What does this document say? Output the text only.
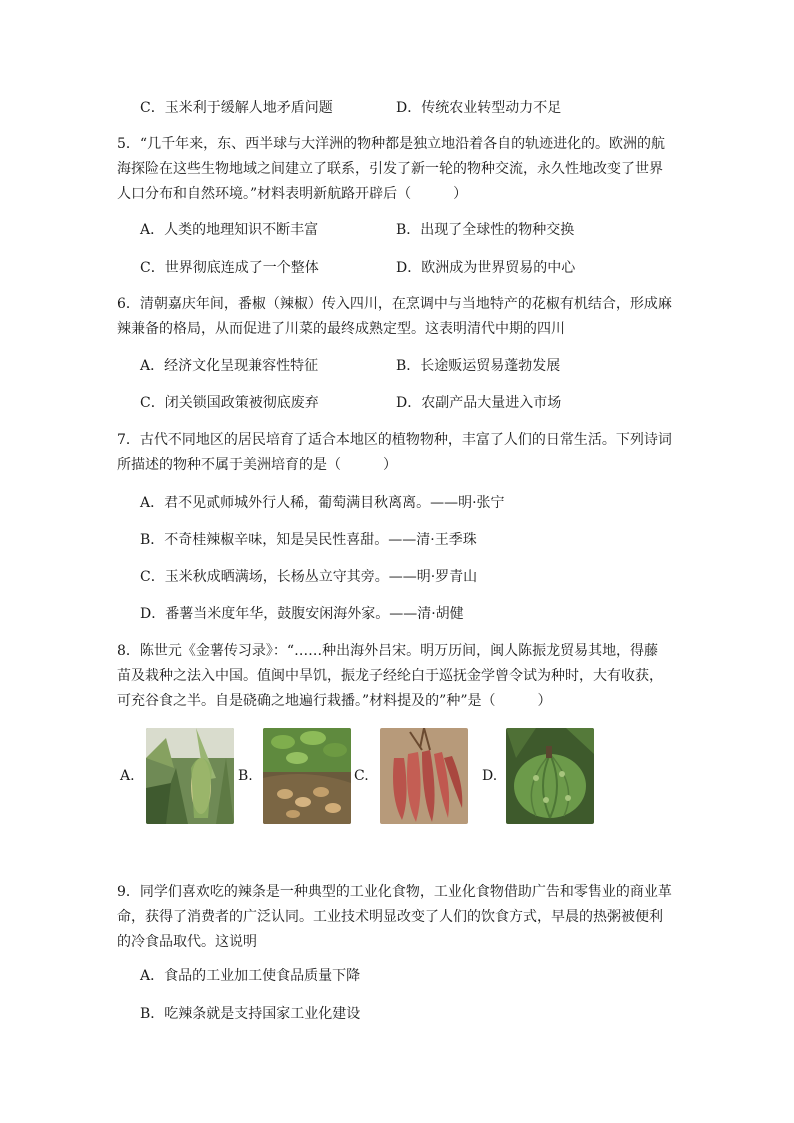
C．玉米利于缓解人地矛盾问题	D．传统农业转型动力不足

5．“几千年来，东、西半球与大洋洲的物种都是独立地沿着各自的轨迹进化的。欧洲的航

海探险在这些生物地域之间建立了联系，引发了新一轮的物种交流，永久性地改变了世界

人口分布和自然环境。”材料表明新航路开辟后（　　　）

A．人类的地理知识不断丰富	B．出现了全球性的物种交换
C．世界彻底连成了一个整体	D．欧洲成为世界贸易的中心

6．清朝嘉庆年间，番椒（辣椒）传入四川，在烹调中与当地特产的花椒有机结合，形成麻

辣兼备的格局，从而促进了川菜的最终成熟定型。这表明清代中期的四川

A．经济文化呈现兼容性特征	B．长途贩运贸易蓬勃发展
C．闭关锁国政策被彻底废弃	D．农副产品大量进入市场

7．古代不同地区的居民培育了适合本地区的植物物种，丰富了人们的日常生活。下列诗词

所描述的物种不属于美洲培育的是（　　　）

A．君不见贰师城外行人稀，葡萄满目秋离离。——明·张宁
B．不奇桂辣椒辛味，知是吴民性喜甜。——清·王季珠
C．玉米秋成晒满场，长杨丛立守其旁。——明·罗青山
D．番薯当米度年华，鼓腹安闲海外家。——清·胡健

8．陈世元《金薯传习录》：“……种出海外吕宋。明万历间，闽人陈振龙贸易其地，得藤

苗及栽种之法入中国。值闽中旱饥，振龙子经纶白于巡抚金学曾令试为种时，大有收获，

可充谷食之半。自是硗确之地遍行栽播。”材料提及的”种”是（　　　）

A.	B.	C.	D.

9．同学们喜欢吃的辣条是一种典型的工业化食物，工业化食物借助广告和零售业的商业革

命，获得了消费者的广泛认同。工业技术明显改变了人们的饮食方式，早晨的热粥被便利

的冷食品取代。这说明

A．食品的工业加工使食品质量下降
B．吃辣条就是支持国家工业化建设
